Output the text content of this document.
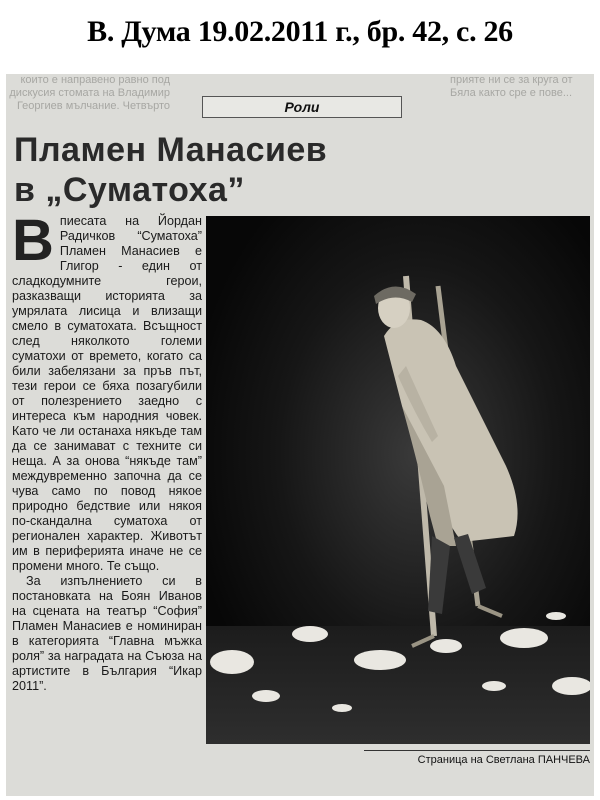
В. Дума 19.02.2011 г., бр. 42, с. 26
които е направено равно под дискусия стомата на Владимир Георгиев мълчание. Четвърто
прияте ни се за круга от Бяла както сре е пове...
Роли
Пламен Манасиев
в „Суматоха”

Впиесата на Йордан Радичков “Суматоха” Пламен Манасиев е Глигор - един от сладкодумните герои, разказващи историята за умрялата лисица и влизащи смело в суматохата. Всъщност след няколкото големи суматохи от времето, когато са били забелязани за пръв път, тези герои се бяха позагубили от полезрението заедно с интереса към народния човек. Като че ли останаха някъде там да се занимават с техните си неща. А за онова “някъде там” междувременно започна да се чува само по повод някое природно бедствие или някоя по-скандална суматоха от регионален характер. Животът им в периферията иначе не се промени много. Те също.

За изпълнението си в постановката на Боян Иванов на сцената на театър “София” Пламен Манасиев е номиниран в категорията “Главна мъжка роля” за наградата на Съюза на артистите в България “Икар 2011”.

Страница на Светлана ПАНЧЕВА
